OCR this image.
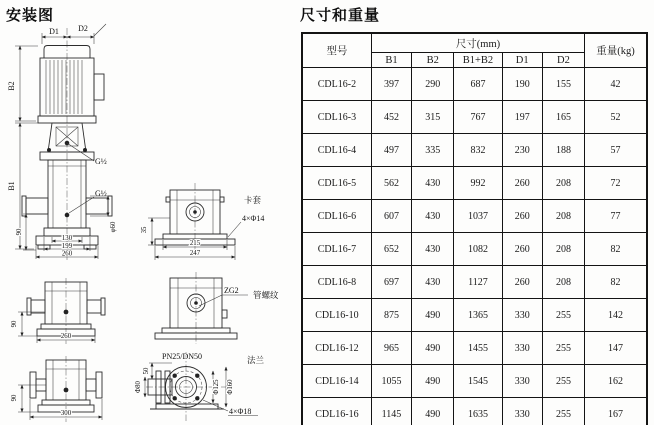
安装图	尺寸和重量
D1 D2
B2
B1
G½
G½
130
199
260
90	φ60	35
215
247
卡套
4×Φ14
ZG2 管螺纹
PN25/DN50	法兰
50
Φ80	Φ125 Φ160
4×Φ18
90
260
90
300
型号	尺寸(mm)					重量(kg)
	B1	B2	B1+B2	D1	D2	
CDL16-2	397	290	687	190	155	42
CDL16-3	452	315	767	197	165	52
CDL16-4	497	335	832	230	188	57
CDL16-5	562	430	992	260	208	72
CDL16-6	607	430	1037	260	208	77
CDL16-7	652	430	1082	260	208	82
CDL16-8	697	430	1127	260	208	82
CDL16-10	875	490	1365	330	255	142
CDL16-12	965	490	1455	330	255	147
CDL16-14	1055	490	1545	330	255	162
CDL16-16	1145	490	1635	330	255	167
